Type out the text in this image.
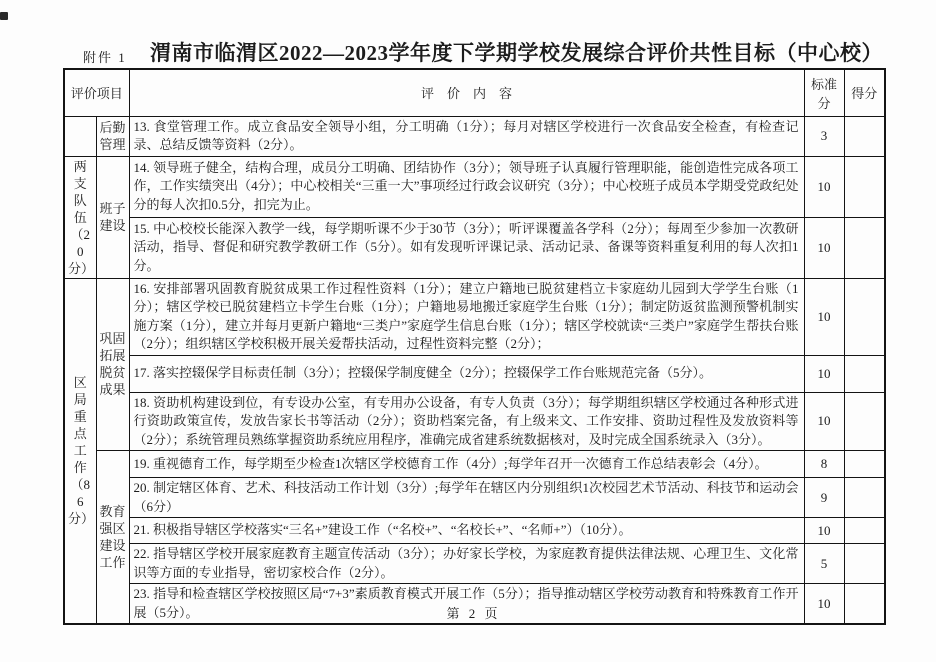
附件 1 渭南市临渭区2022—2023学年度下学期学校发展综合评价共性目标（中心校）
评价项目		评　价　内　容	标准分	得分
	后勤管理	13. 食堂管理工作。成立食品安全领导小组，分工明确（1分）；每月对辖区学校进行一次食品安全检查，有检查记录、总结反馈等资料（2分）。	3	
两支队伍（20分）	班子建设	14. 领导班子健全，结构合理，成员分工明确、团结协作（3分）；领导班子认真履行管理职能，能创造性完成各项工作，工作实绩突出（4分）；中心校相关“三重一大”事项经过行政会议研究（3分）；中心校班子成员本学期受党政纪处分的每人次扣0.5分，扣完为止。	10	
		15. 中心校校长能深入教学一线，每学期听课不少于30节（3分）；听评课覆盖各学科（2分）；每周至少参加一次教研活动，指导、督促和研究教学教研工作（5分）。如有发现听评课记录、活动记录、备课等资料重复利用的每人次扣1分。	10	
区局重点工作（86分）	巩固拓展脱贫成果	16. 安排部署巩固教育脱贫成果工作过程性资料（1分）；建立户籍地已脱贫建档立卡家庭幼儿园到大学学生台账（1分）；辖区学校已脱贫建档立卡学生台账（1分）；户籍地易地搬迁家庭学生台账（1分）；制定防返贫监测预警机制实施方案（1分），建立并每月更新户籍地“三类户”家庭学生信息台账（1分）；辖区学校就读“三类户”家庭学生帮扶台账（2分）；组织辖区学校积极开展关爱帮扶活动，过程性资料完整（2分）；	10	
		17. 落实控辍保学目标责任制（3分）；控辍保学制度健全（2分）；控辍保学工作台账规范完备（5分）。	10	
		18. 资助机构建设到位，有专设办公室，有专用办公设备，有专人负责（3分）；每学期组织辖区学校通过各种形式进行资助政策宣传，发放告家长书等活动（2分）；资助档案完备，有上级来文、工作安排、资助过程性及发放资料等（2分）；系统管理员熟练掌握资助系统应用程序，准确完成省建系统数据核对，及时完成全国系统录入（3分）。	10	
	教育强区建设工作	19. 重视德育工作，每学期至少检查1次辖区学校德育工作（4分）;每学年召开一次德育工作总结表彰会（4分）。	8	
		20. 制定辖区体育、艺术、科技活动工作计划（3分）;每学年在辖区内分别组织1次校园艺术节活动、科技节和运动会（6分）	9	
		21. 积极指导辖区学校落实“三名+”建设工作（“名校+”、“名校长+”、“名师+”）（10分）。	10	
		22. 指导辖区学校开展家庭教育主题宣传活动（3分）；办好家长学校，为家庭教育提供法律法规、心理卫生、文化常识等方面的专业指导，密切家校合作（2分）。	5	
		23. 指导和检查辖区学校按照区局“7+3”素质教育模式开展工作（5分）；指导推动辖区学校劳动教育和特殊教育工作开展（5分）。	10	
第 2 页
